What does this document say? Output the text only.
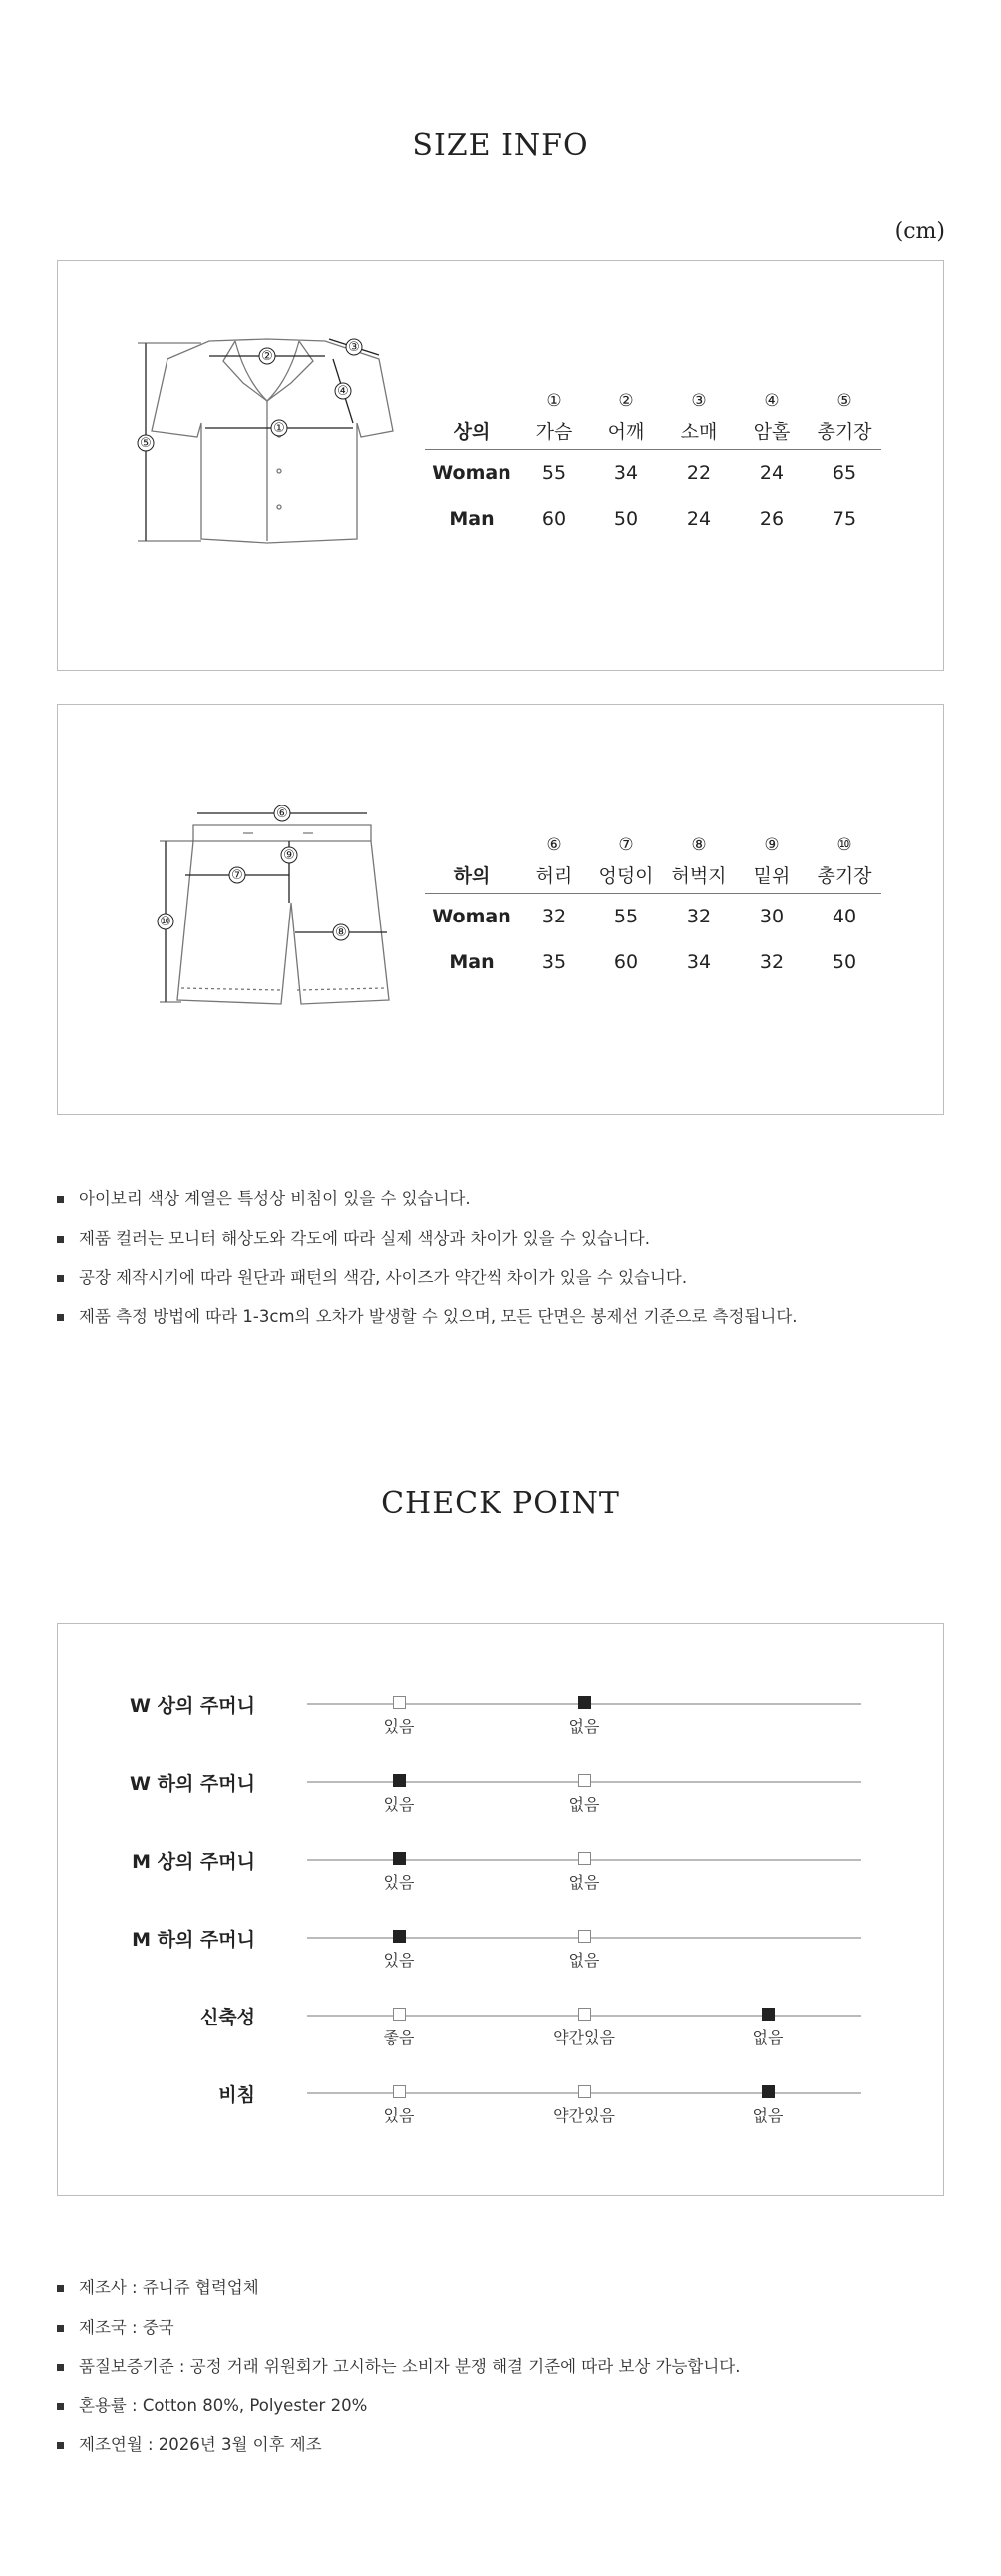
SIZE INFO
(cm)
①
②
③
④
⑤
	①	②	③	④	⑤
상의	가슴	어깨	소매	암홀	총기장
Woman	55	34	22	24	65
Man	60	50	24	26	75
⑥
⑦
⑧
⑨
⑩
	⑥	⑦	⑧	⑨	⑩
하의	허리	엉덩이	허벅지	밑위	총기장
Woman	32	55	32	30	40
Man	35	60	34	32	50
아이보리 색상 계열은 특성상 비침이 있을 수 있습니다.
제품 컬러는 모니터 해상도와 각도에 따라 실제 색상과 차이가 있을 수 있습니다.
공장 제작시기에 따라 원단과 패턴의 색감, 사이즈가 약간씩 차이가 있을 수 있습니다.
제품 측정 방법에 따라 1-3cm의 오차가 발생할 수 있으며, 모든 단면은 봉제선 기준으로 측정됩니다.
CHECK POINT
W 상의 주머니
있음	없음
W 하의 주머니
있음	없음
M 상의 주머니
있음	없음
M 하의 주머니
있음	없음
신축성
좋음	약간있음	없음
비침
있음	약간있음	없음
제조사 : 쥬니쥬 협력업체
제조국 : 중국
품질보증기준 : 공정 거래 위원회가 고시하는 소비자 분쟁 해결 기준에 따라 보상 가능합니다.
혼용률 : Cotton 80%, Polyester 20%
제조연월 : 2026년 3월 이후 제조
